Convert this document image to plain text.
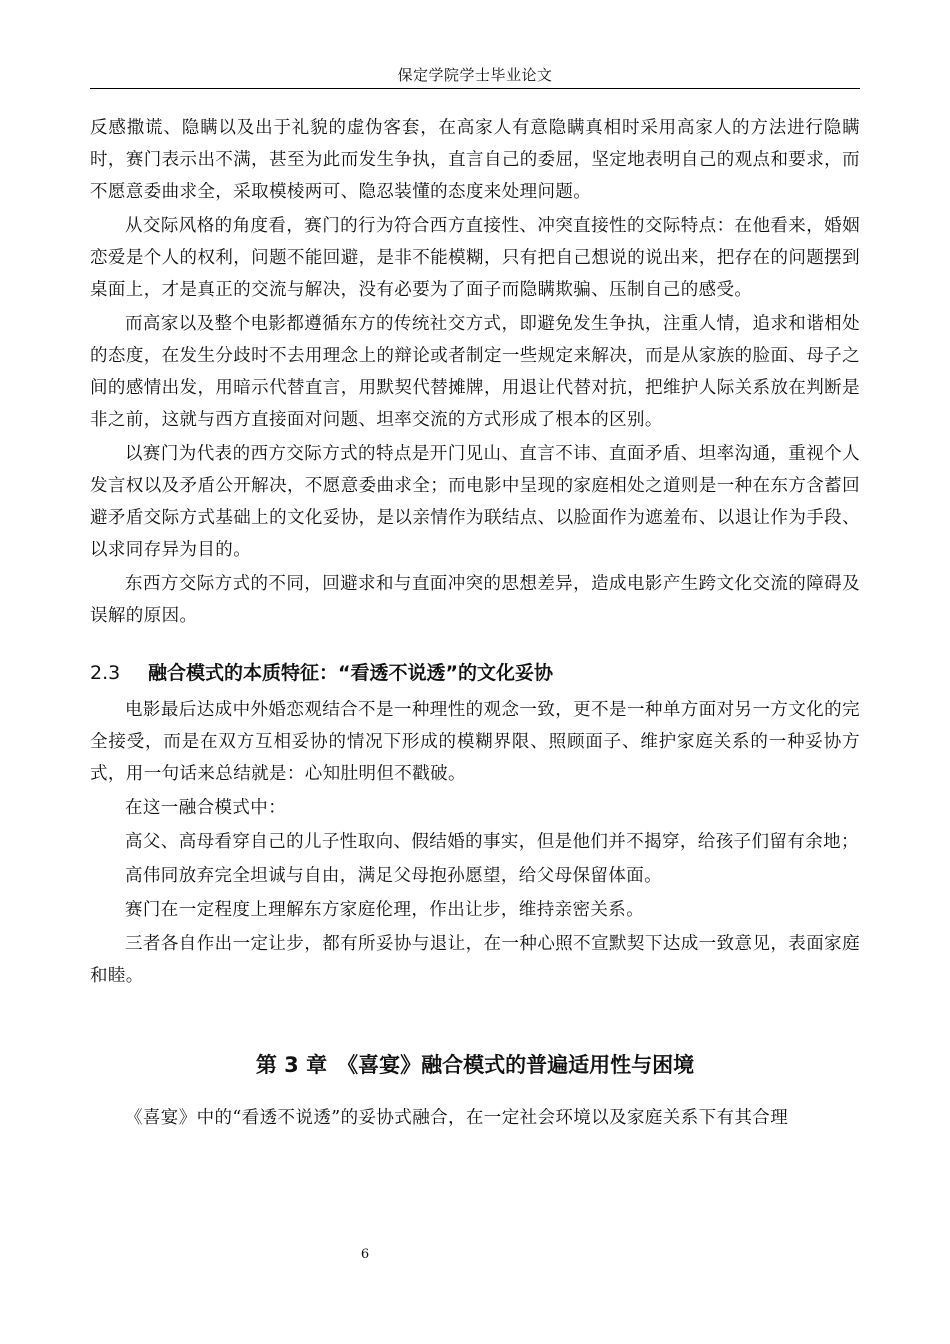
保定学院学士毕业论文

反感撒谎、隐瞒以及出于礼貌的虚伪客套，在高家人有意隐瞒真相时采用高家人的方法进行隐瞒时，赛门表示出不满，甚至为此而发生争执，直言自己的委屈，坚定地表明自己的观点和要求，而不愿意委曲求全，采取模棱两可、隐忍装懂的态度来处理问题。

从交际风格的角度看，赛门的行为符合西方直接性、冲突直接性的交际特点：在他看来，婚姻恋爱是个人的权利，问题不能回避，是非不能模糊，只有把自己想说的说出来，把存在的问题摆到桌面上，才是真正的交流与解决，没有必要为了面子而隐瞒欺骗、压制自己的感受。

而高家以及整个电影都遵循东方的传统社交方式，即避免发生争执，注重人情，追求和谐相处的态度，在发生分歧时不去用理念上的辩论或者制定一些规定来解决，而是从家族的脸面、母子之间的感情出发，用暗示代替直言，用默契代替摊牌，用退让代替对抗，把维护人际关系放在判断是非之前，这就与西方直接面对问题、坦率交流的方式形成了根本的区别。

以赛门为代表的西方交际方式的特点是开门见山、直言不讳、直面矛盾、坦率沟通，重视个人发言权以及矛盾公开解决，不愿意委曲求全；而电影中呈现的家庭相处之道则是一种在东方含蓄回避矛盾交际方式基础上的文化妥协，是以亲情作为联结点、以脸面作为遮羞布、以退让作为手段、以求同存异为目的。

东西方交际方式的不同，回避求和与直面冲突的思想差异，造成电影产生跨文化交流的障碍及误解的原因。

2.3 融合模式的本质特征：“看透不说透”的文化妥协

电影最后达成中外婚恋观结合不是一种理性的观念一致，更不是一种单方面对另一方文化的完全接受，而是在双方互相妥协的情况下形成的模糊界限、照顾面子、维护家庭关系的一种妥协方式，用一句话来总结就是：心知肚明但不戳破。

在这一融合模式中：

高父、高母看穿自己的儿子性取向、假结婚的事实，但是他们并不揭穿，给孩子们留有余地；

高伟同放弃完全坦诚与自由，满足父母抱孙愿望，给父母保留体面。

赛门在一定程度上理解东方家庭伦理，作出让步，维持亲密关系。

三者各自作出一定让步，都有所妥协与退让，在一种心照不宣默契下达成一致意见，表面家庭和睦。

第 3 章 《喜宴》融合模式的普遍适用性与困境

《喜宴》中的“看透不说透”的妥协式融合，在一定社会环境以及家庭关系下有其合理

6
